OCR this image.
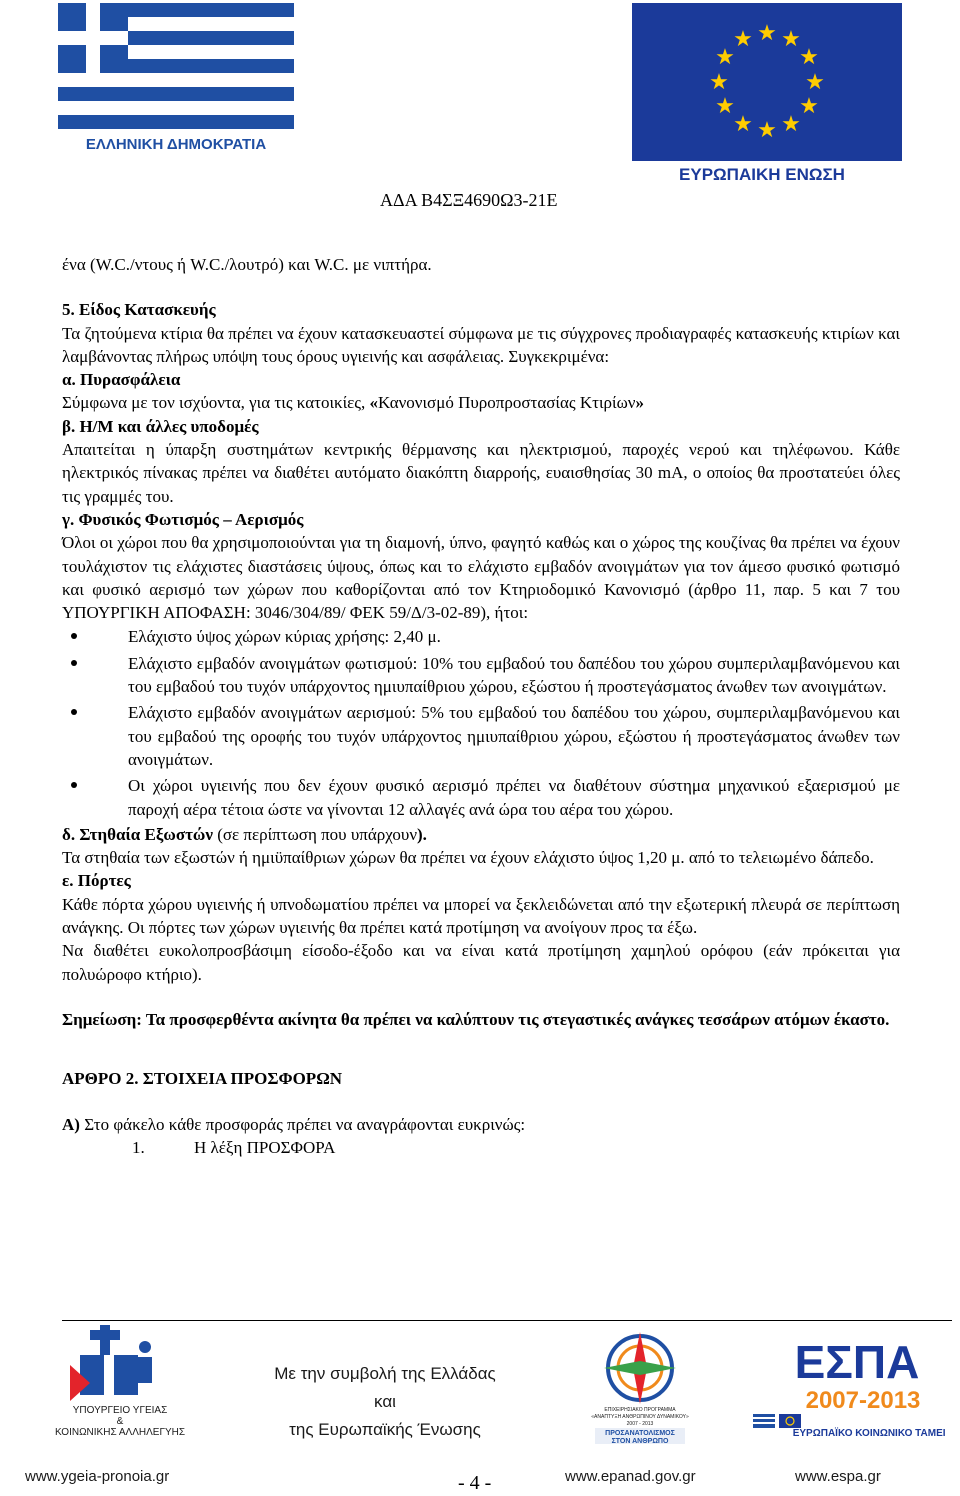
ΕΛΛΗΝΙΚΗ ΔΗΜΟΚΡΑΤΙΑ
★ ★
★
★
★
★
★
★
★
★
★
★
ΕΥΡΩΠΑΙΚΗ ΕΝΩΣΗ
ΑΔΑ Β4ΣΞ4690Ω3-21Ε

ένα (W.C./ντους ή W.C./λουτρό) και W.C. με νιπτήρα.

5. Είδος Κατασκευής

Τα ζητούμενα κτίρια θα πρέπει να έχουν κατασκευαστεί σύμφωνα με τις σύγχρονες προδιαγραφές κατασκευής κτιρίων και λαμβάνοντας πλήρως υπόψη τους όρους υγιεινής και ασφάλειας. Συγκεκριμένα:

α. Πυρασφάλεια

Σύμφωνα με τον ισχύοντα, για τις κατοικίες, «Κανονισμό Πυροπροστασίας Κτιρίων»

β. Η/Μ και άλλες υποδομές

Απαιτείται η ύπαρξη συστημάτων κεντρικής θέρμανσης και ηλεκτρισμού, παροχές νερού και τηλέφωνου. Κάθε ηλεκτρικός πίνακας πρέπει να διαθέτει αυτόματο διακόπτη διαρροής, ευαισθησίας 30 mA, ο οποίος θα προστατεύει όλες τις γραμμές του.

γ. Φυσικός Φωτισμός – Αερισμός

Όλοι οι χώροι που θα χρησιμοποιούνται για τη διαμονή, ύπνο, φαγητό καθώς και ο χώρος της κουζίνας θα πρέπει να έχουν τουλάχιστον τις ελάχιστες διαστάσεις ύψους, όπως και το ελάχιστο εμβαδόν ανοιγμάτων για τον άμεσο φυσικό φωτισμό και φυσικό αερισμό των χώρων που καθορίζονται από τον Κτηριοδομικό Κανονισμό (άρθρο 11, παρ. 5 και 7 του ΥΠΟΥΡΓΙΚΗ ΑΠΟΦΑΣΗ: 3046/304/89/ ΦΕΚ 59/Δ/3-02-89), ήτοι:

Ελάχιστο ύψος χώρων κύριας χρήσης: 2,40 μ.
Ελάχιστο εμβαδόν ανοιγμάτων φωτισμού: 10% του εμβαδού του δαπέδου του χώρου συμπεριλαμβανόμενου και του εμβαδού του τυχόν υπάρχοντος ημιυπαίθριου χώρου, εξώστου ή προστεγάσματος άνωθεν των ανοιγμάτων.
Ελάχιστο εμβαδόν ανοιγμάτων αερισμού: 5% του εμβαδού του δαπέδου του χώρου, συμπεριλαμβανόμενου και του εμβαδού της οροφής του τυχόν υπάρχοντος ημιυπαίθριου χώρου, εξώστου ή προστεγάσματος άνωθεν των ανοιγμάτων.
Οι χώροι υγιεινής που δεν έχουν φυσικό αερισμό πρέπει να διαθέτουν σύστημα μηχανικού εξαερισμού με παροχή αέρα τέτοια ώστε να γίνονται 12 αλλαγές ανά ώρα του αέρα του χώρου.

δ. Στηθαία Εξωστών (σε περίπτωση που υπάρχουν).

Τα στηθαία των εξωστών ή ημιϋπαίθριων χώρων θα πρέπει να έχουν ελάχιστο ύψος 1,20 μ. από το τελειωμένο δάπεδο.

ε. Πόρτες

Κάθε πόρτα χώρου υγιεινής ή υπνοδωματίου πρέπει να μπορεί να ξεκλειδώνεται από την εξωτερική πλευρά σε περίπτωση ανάγκης. Οι πόρτες των χώρων υγιεινής θα πρέπει κατά προτίμηση να ανοίγουν προς τα έξω.

Να διαθέτει ευκολοπροσβάσιμη είσοδο-έξοδο και να είναι κατά προτίμηση χαμηλού ορόφου (εάν πρόκειται για πολυώροφο κτήριο).

Σημείωση: Τα προσφερθέντα ακίνητα θα πρέπει να καλύπτουν τις στεγαστικές ανάγκες τεσσάρων ατόμων έκαστο.

ΑΡΘΡΟ 2. ΣΤΟΙΧΕΙΑ ΠΡΟΣΦΟΡΩΝ

Α) Στο φάκελο κάθε προσφοράς πρέπει να αναγράφονται ευκρινώς:

1.	Η λέξη ΠΡΟΣΦΟΡΑ

ΥΠΟΥΡΓΕΙΟ ΥΓΕΙΑΣ
&
ΚΟΙΝΩΝΙΚΗΣ ΑΛΛΗΛΕΓΥΗΣ
Με την συμβολή της Ελλάδας
και
της Ευρωπαϊκής Ένωσης
ΕΠΙΧΕΙΡΗΣΙΑΚΟ ΠΡΟΓΡΑΜΜΑ
«ΑΝΑΠΤΥΞΗ ΑΝΘΡΩΠΙΝΟΥ ΔΥΝΑΜΙΚΟΥ»
2007 - 2013
ΠΡΟΣΑΝΑΤΟΛΙΣΜΟΣ
ΣΤΟΝ ΑΝΘΡΩΠΟ
ΕΣΠΑ
2007-2013
ΕΥΡΩΠΑΪΚΟ ΚΟΙΝΩΝΙΚΟ ΤΑΜΕΙΟ
www.ygeia-pronoia.gr	- 4 -	www.epanad.gov.gr	www.espa.gr
